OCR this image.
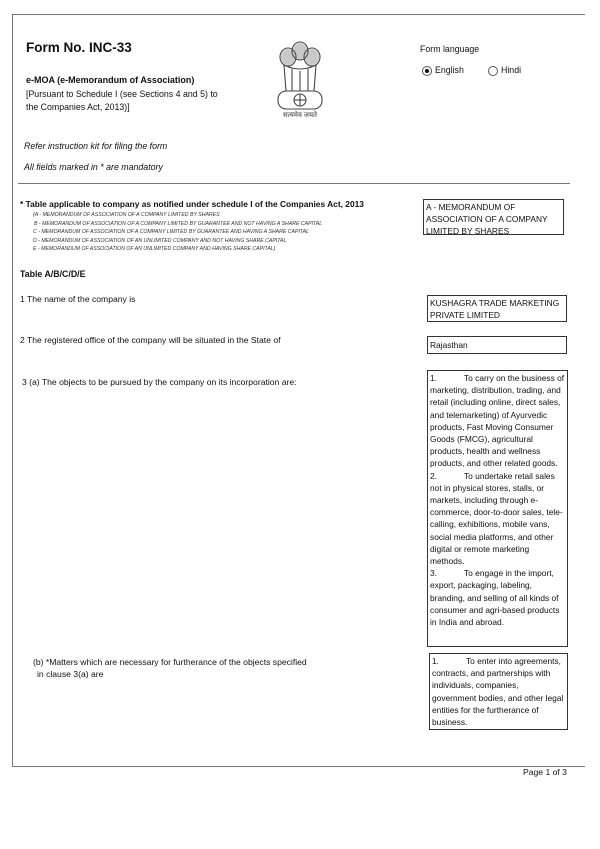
Form No. INC-33
e-MOA (e-Memorandum of Association)
[Pursuant to Schedule I (see Sections 4 and 5) to
the Companies Act, 2013)]
Refer instruction kit for filing the form
All fields marked in * are mandatory
सत्यमेव जयते
Form language
English	Hindi
* Table applicable to company as notified under schedule I of the Companies Act, 2013
(A - MEMORANDUM OF ASSOCIATION OF A COMPANY LIMITED BY SHARES
B - MEMORANDUM OF ASSOCIATION OF A COMPANY LIMITED BY GUARANTEE AND NOT HAVING A SHARE CAPITAL
C - MEMORANDUM OF ASSOCIATION OF A COMPANY LIMITED BY GUARANTEE AND HAVING A SHARE CAPITAL
D - MEMORANDUM OF ASSOCIATION OF AN UNLIMITED COMPANY AND NOT HAVING SHARE CAPITAL
E - MEMORANDUM OF ASSOCIATION OF AN UNLIMITED COMPANY AND HAVING SHARE CAPITAL)
A - MEMORANDUM OF ASSOCIATION OF A COMPANY LIMITED BY SHARES
Table A/B/C/D/E
1 The name of the company is	KUSHAGRA TRADE MARKETING PRIVATE LIMITED
2 The registered office of the company will be situated in the State of	Rajasthan
3 (a) The objects to be pursued by the company on its incorporation are:	1.	To carry on the business of marketing, distribution, trading, and retail (including online, direct sales, and telemarketing) of Ayurvedic products, Fast Moving Consumer Goods (FMCG), agricultural products, health and wellness products, and other related goods.
2.	To undertake retail sales not in physical stores, stalls, or markets, including through e-commerce, door-to-door sales, tele-calling, exhibitions, mobile vans, social media platforms, and other digital or remote marketing methods.
3.	To engage in the import, export, packaging, labeling, branding, and selling of all kinds of consumer and agri-based products in India and abroad.
(b) *Matters which are necessary for furtherance of the objects specified
in clause 3(a) are
1.	To enter into agreements, contracts, and partnerships with individuals, companies, government bodies, and other legal entities for the furtherance of business.
Page 1 of 3
